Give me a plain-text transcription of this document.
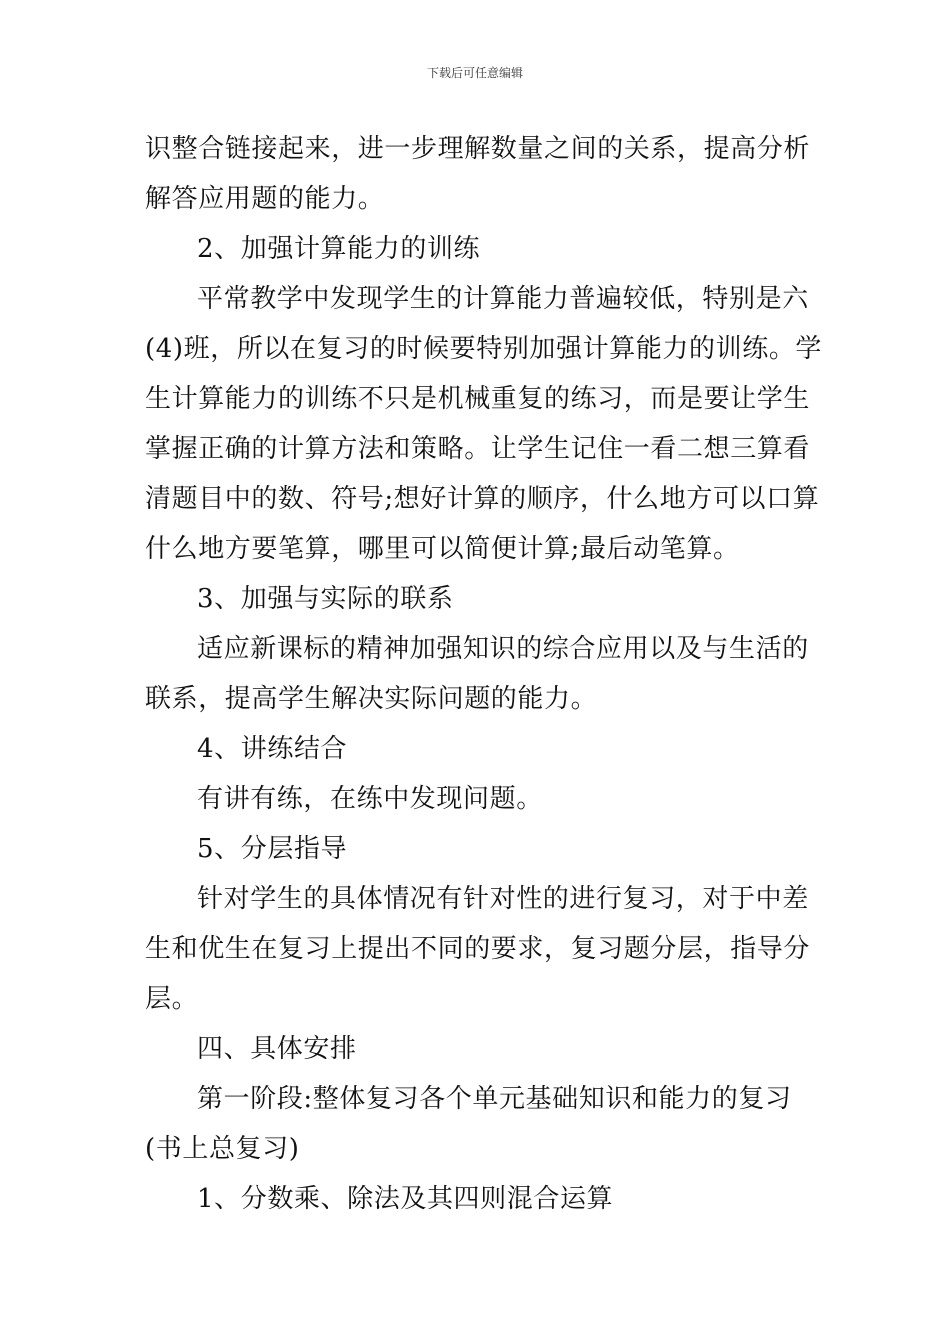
下载后可任意编辑
识整合链接起来，进一步理解数量之间的关系，提高分析
解答应用题的能力。
2、加强计算能力的训练
平常教学中发现学生的计算能力普遍较低，特别是六
(4)班，所以在复习的时候要特别加强计算能力的训练。学
生计算能力的训练不只是机械重复的练习，而是要让学生
掌握正确的计算方法和策略。让学生记住一看二想三算看
清题目中的数、符号;想好计算的顺序，什么地方可以口算
什么地方要笔算，哪里可以简便计算;最后动笔算。
3、加强与实际的联系
适应新课标的精神加强知识的综合应用以及与生活的
联系，提高学生解决实际问题的能力。
4、讲练结合
有讲有练，在练中发现问题。
5、分层指导
针对学生的具体情况有针对性的进行复习，对于中差
生和优生在复习上提出不同的要求，复习题分层，指导分
层。
四、具体安排
第一阶段:整体复习各个单元基础知识和能力的复习
(书上总复习)
1、分数乘、除法及其四则混合运算
